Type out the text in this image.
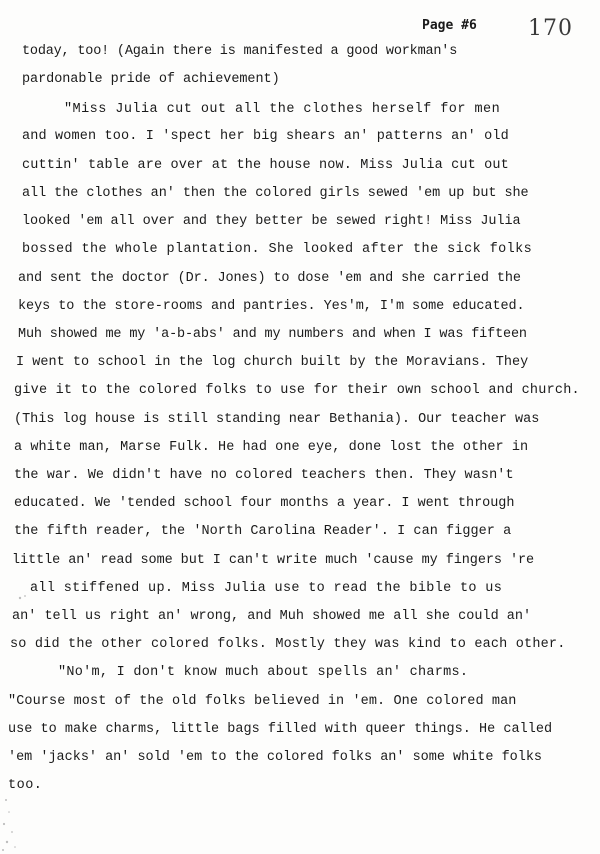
Page #6 170
today, too! (Again there is manifested a good workman's
pardonable pride of achievement)
"Miss Julia cut out all the clothes herself for men
and women too. I 'spect her big shears an' patterns an' old
cuttin' table are over at the house now. Miss Julia cut out
all the clothes an' then the colored girls sewed 'em up but she
looked 'em all over and they better be sewed right! Miss Julia
bossed the whole plantation. She looked after the sick folks
and sent the doctor (Dr. Jones) to dose 'em and she carried the
keys to the store-rooms and pantries. Yes'm, I'm some educated.
Muh showed me my 'a-b-abs' and my numbers and when I was fifteen
I went to school in the log church built by the Moravians. They
give it to the colored folks to use for their own school and church.
(This log house is still standing near Bethania). Our teacher was
a white man, Marse Fulk. He had one eye, done lost the other in
the war. We didn't have no colored teachers then. They wasn't
educated. We 'tended school four months a year. I went through
the fifth reader, the 'North Carolina Reader'. I can figger a
little an' read some but I can't write much 'cause my fingers 're
all stiffened up. Miss Julia use to read the bible to us
an' tell us right an' wrong, and Muh showed me all she could an'
so did the other colored folks. Mostly they was kind to each other.
"No'm, I don't know much about spells an' charms.
"Course most of the old folks believed in 'em. One colored man
use to make charms, little bags filled with queer things. He called
'em 'jacks' an' sold 'em to the colored folks an' some white folks
too.
